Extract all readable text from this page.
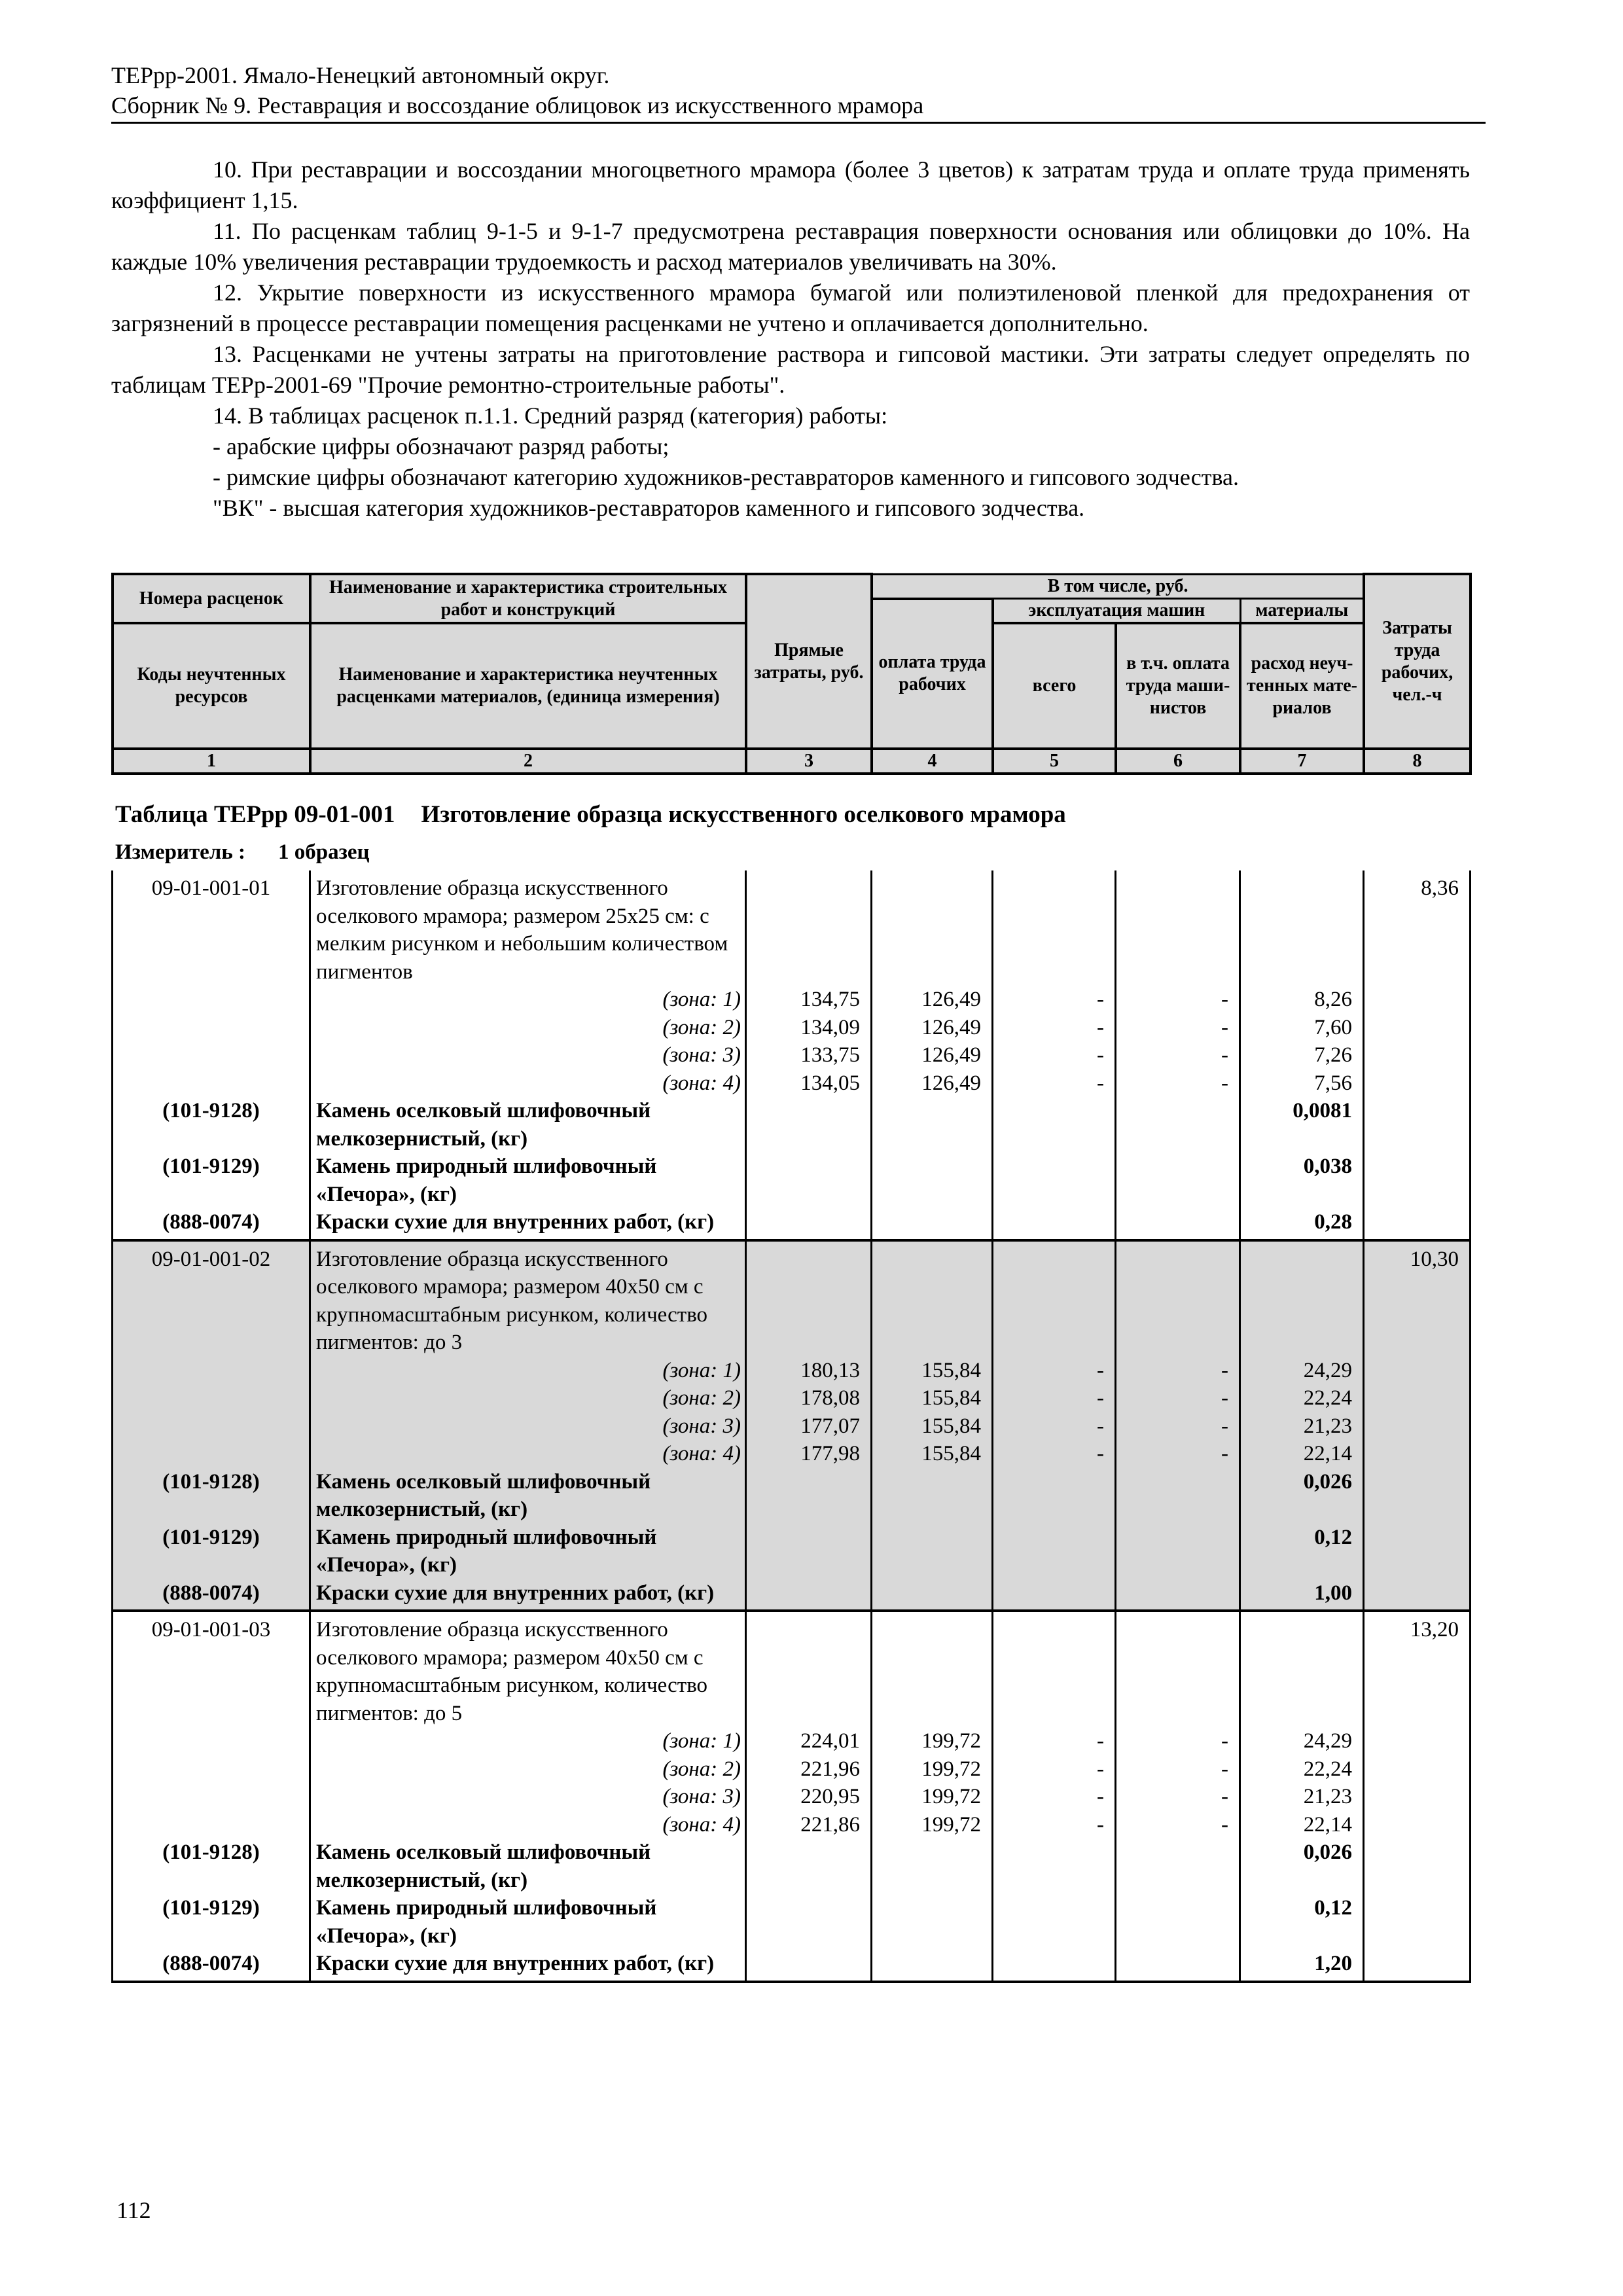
ТЕРрр-2001. Ямало-Ненецкий автономный округ.
Сборник № 9. Реставрация и воссоздание облицовок из искусственного мрамора

10. При реставрации и воссоздании многоцветного мрамора (более 3 цветов) к затратам труда и оплате труда применять коэффициент 1,15.

11. По расценкам таблиц 9-1-5 и 9-1-7 предусмотрена реставрация поверхности основания или облицовки до 10%. На каждые 10% увеличения реставрации трудоемкость и расход материалов увеличивать на 30%.

12. Укрытие поверхности из искусственного мрамора бумагой или полиэтиленовой пленкой для предохранения от загрязнений в процессе реставрации помещения расценками не учтено и оплачивается дополнительно.

13. Расценками не учтены затраты на приготовление раствора и гипсовой мастики. Эти затраты следует определять по таблицам ТЕРр-2001-69 "Прочие ремонтно-строительные работы".

14. В таблицах расценок п.1.1. Средний разряд (категория) работы:

- арабские цифры обозначают разряд работы;

- римские цифры обозначают категорию художников-реставраторов каменного и гипсового зодчества.

"ВК" - высшая категория художников-реставраторов каменного и гипсового зодчества.

Номера расценок	Наименование и характеристика строительных работ и конструкций	Прямые затраты, руб.	В том числе, руб.				Затраты труда рабочих, чел.-ч
			оплата труда рабочих	эксплуатация машин		материалы	
Коды неучтенных ресурсов	Наименование и характеристика неучтенных расценками материалов, (единица измерения)			всего	в т.ч. оплата труда маши-нистов	расход неуч-тенных мате-риалов	

1	2	3	4	5	6	7	8
Таблица ТЕРрр 09-01-001 Изготовление образца искусственного оселкового мрамора
Измеритель : 1 образец
09-01-001-01	Изготовление образца искусственного оселкового мрамора; размером 25х25 см: с мелким рисунком и небольшим количеством пигментов						8,36
	(зона: 1)	134,75	126,49	-	-	8,26	
	(зона: 2)	134,09	126,49	-	-	7,60	
	(зона: 3)	133,75	126,49	-	-	7,26	
	(зона: 4)	134,05	126,49	-	-	7,56	
(101-9128)	Камень оселковый шлифовочный мелкозернистый, (кг)					0,0081	
(101-9129)	Камень природный шлифовочный «Печора», (кг)					0,038	
(888-0074)	Краски сухие для внутренних работ, (кг)					0,28	
09-01-001-02	Изготовление образца искусственного оселкового мрамора; размером 40х50 см с крупномасштабным рисунком, количество пигментов: до 3						10,30
	(зона: 1)	180,13	155,84	-	-	24,29	
	(зона: 2)	178,08	155,84	-	-	22,24	
	(зона: 3)	177,07	155,84	-	-	21,23	
	(зона: 4)	177,98	155,84	-	-	22,14	
(101-9128)	Камень оселковый шлифовочный мелкозернистый, (кг)					0,026	
(101-9129)	Камень природный шлифовочный «Печора», (кг)					0,12	
(888-0074)	Краски сухие для внутренних работ, (кг)					1,00	
09-01-001-03	Изготовление образца искусственного оселкового мрамора; размером 40х50 см с крупномасштабным рисунком, количество пигментов: до 5						13,20
	(зона: 1)	224,01	199,72	-	-	24,29	
	(зона: 2)	221,96	199,72	-	-	22,24	
	(зона: 3)	220,95	199,72	-	-	21,23	
	(зона: 4)	221,86	199,72	-	-	22,14	
(101-9128)	Камень оселковый шлифовочный мелкозернистый, (кг)					0,026	
(101-9129)	Камень природный шлифовочный «Печора», (кг)					0,12	
(888-0074)	Краски сухие для внутренних работ, (кг)					1,20	
112
